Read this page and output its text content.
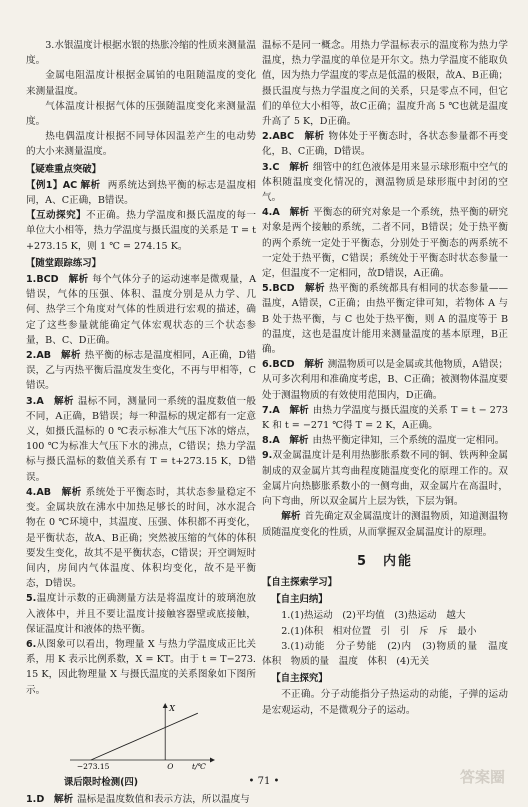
3.水银温度计根据水银的热胀冷缩的性质来测量温度。

金属电阻温度计根据金属铂的电阻随温度的变化来测量温度。

气体温度计根据气体的压强随温度变化来测量温度。

热电偶温度计根据不同导体因温差产生的电动势的大小来测量温度。

【疑难重点突破】

【例1】AC 解析 两系统达到热平衡的标志是温度相同，A、C正确，B错误。

【互动探究】不正确。热力学温度和摄氏温度的每一单位大小相等，热力学温度与摄氏温度的关系是 T = t+273.15 K，则 1 ℃ = 274.15 K。

【随堂跟踪练习】

1.BCD　 解析 每个气体分子的运动速率是微观量，A错误，气体的压强、体积、温度分别是从力学、几何、热学三个角度对气体的性质进行宏观的描述，确定了这些参量就能确定气体宏观状态的三个状态参量，B、C、D正确。

2.AB　 解析 热平衡的标志是温度相同，A正确，D错误，乙与丙热平衡后温度发生变化，不再与甲相等，C错误。

3.A　 解析 温标不同，测量同一系统的温度数值一般不同，A正确，B错误；每一种温标的规定都有一定意义，如摄氏温标的 0 ℃表示标准大气压下冰的熔点，100 ℃为标准大气压下水的沸点，C错误；热力学温标与摄氏温标的数值关系有 T = t+273.15 K，D错误。

4.AB　 解析 系统处于平衡态时，其状态参量稳定不变。金属块放在沸水中加热足够长的时间，冰水混合物在 0 ℃环境中，其温度、压强、体积都不再变化，是平衡状态，故A、B正确；突然被压缩的气体的体积要发生变化，故其不是平衡状态，C错误；开空调短时间内，房间内气体温度、体积均变化，故不是平衡态，D错误。

5.温度计示数的正确测量方法是将温度计的玻璃泡放入液体中，并且不要让温度计接触容器壁或底接触，保证温度计和液体的热平衡。

6.从图象可以看出，物理量 X 与热力学温度成正比关系，用 K 表示比例系数，X = KT。由于 t = T−273.15 K，因此物理量 X 与摄氏温度的关系图象如下图所示。

−273.15	O
X
t/℃
课后限时检测(四)

1.D　 解析 温标是温度数值和表示方法，所以温度与

温标不是同一概念。用热力学温标表示的温度称为热力学温度，热力学温度的单位是开尔文。热力学温度不能取负值，因为热力学温度的零点是低温的极限，故A、B正确；摄氏温度与热力学温度之间的关系，只是零点不同，但它们的单位大小相等，故C正确；温度升高 5 ℃也就是温度升高了 5 K，D正确。

2.ABC　 解析 物体处于平衡态时，各状态参量都不再变化，B、C正确，D错误。

3.C　 解析 细管中的红色液体是用来显示球形瓶中空气的体积随温度变化情况的，测温物质是球形瓶中封闭的空气。

4.A　 解析 平衡态的研究对象是一个系统，热平衡的研究对象是两个接触的系统，二者不同，B错误；处于热平衡的两个系统一定处于平衡态，分别处于平衡态的两系统不一定处于热平衡，C错误；系统处于平衡态时状态参量一定，但温度不一定相同，故D错误，A正确。

5.BCD　 解析 热平衡的系统都具有相同的状态参量——温度，A错误，C正确；由热平衡定律可知，若物体 A 与 B 处于热平衡，与 C 也处于热平衡，则 A 的温度等于 B 的温度，这也是温度计能用来测量温度的基本原理，B正确。

6.BCD　 解析 测温物质可以是金属或其他物质，A错误；从可多次利用和准确度考虑，B、C正确；被测物体温度要处于测温物质的有效使用范围内，D正确。

7.A　 解析 由热力学温度与摄氏温度的关系 T = t − 273 K 和 t = −271 ℃得 T = 2 K，A正确。

8.A　 解析 由热平衡定律知，三个系统的温度一定相同。

9.双金属温度计是利用热膨胀系数不同的铜、铁两种金属制成的双金属片其弯曲程度随温度变化的原理工作的。双金属片向热膨胀系数小的一侧弯曲，双金属片在高温时，向下弯曲，所以双金属片上层为铁，下层为铜。

解析 首先确定双金属温度计的测温物质，知道测温物质随温度变化的性质，从而掌握双金属温度计的原理。

5　内能
【自主探索学习】
【自主归纳】

1.(1)热运动　(2)平均值　(3)热运动　越大

2.(1)体积　相对位置　引　引　斥　斥　最小

3.(1)动能　分子势能　(2)内　(3)物质的量　温度　体积　物质的量　温度　体积　(4)无关

【自主探究】

不正确。分子动能指分子热运动的动能，子弹的运动是宏观运动，不是微观分子的运动。

• 71 •	答案圈
